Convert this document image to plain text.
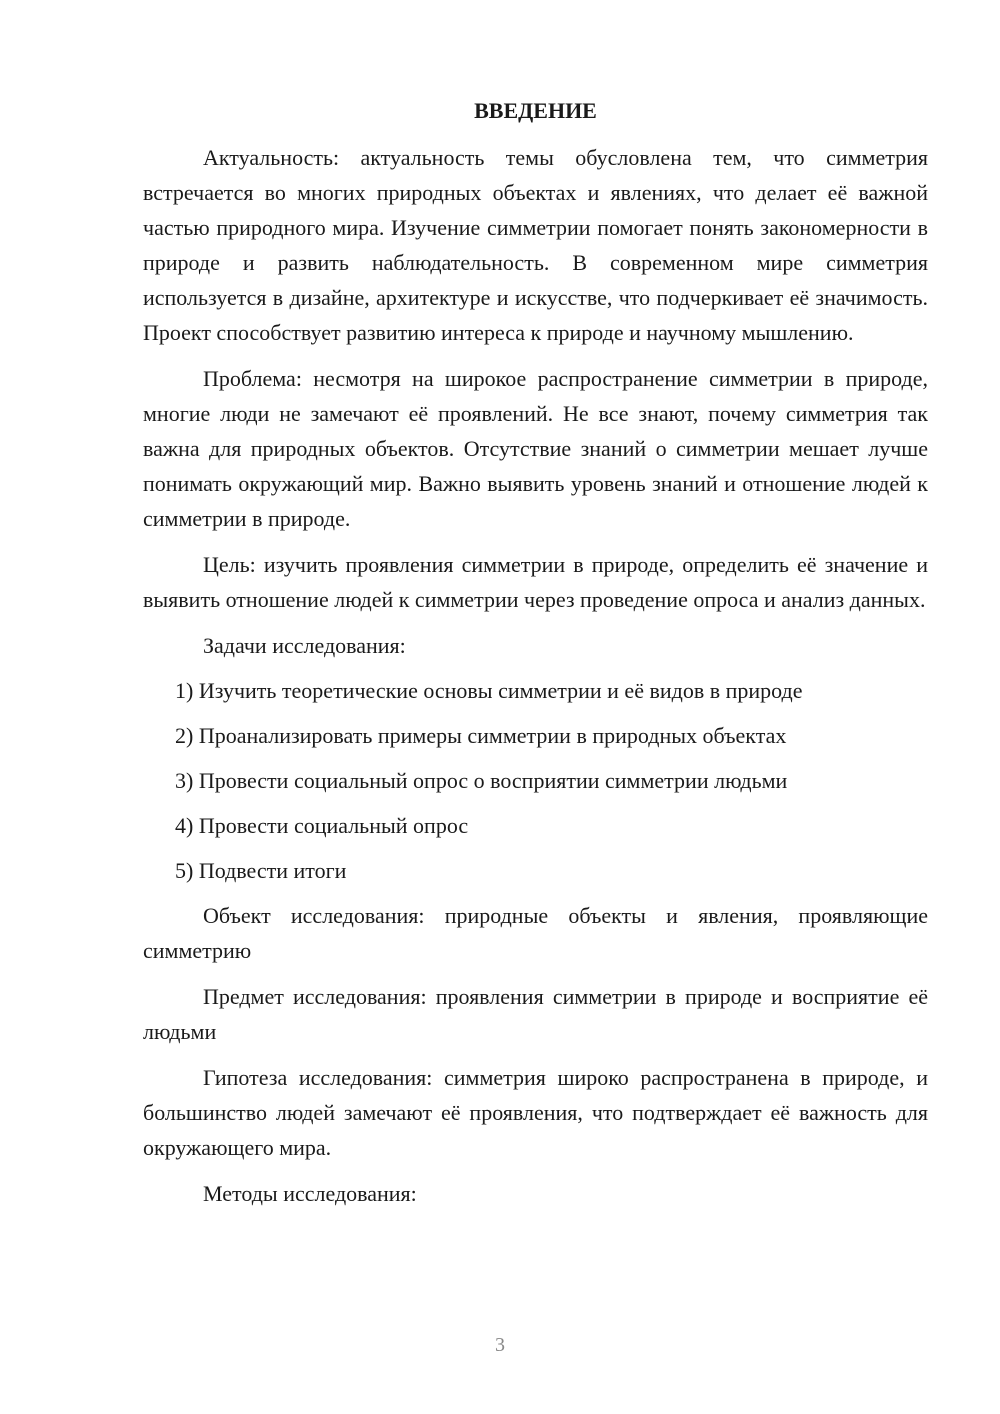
ВВЕДЕНИЕ

Актуальность: актуальность темы обусловлена тем, что симметрия встречается во многих природных объектах и явлениях, что делает её важной частью природного мира. Изучение симметрии помогает понять закономерности в природе и развить наблюдательность. В современном мире симметрия используется в дизайне, архитектуре и искусстве, что подчеркивает её значимость. Проект способствует развитию интереса к природе и научному мышлению.

Проблема: несмотря на широкое распространение симметрии в природе, многие люди не замечают её проявлений. Не все знают, почему симметрия так важна для природных объектов. Отсутствие знаний о симметрии мешает лучше понимать окружающий мир. Важно выявить уровень знаний и отношение людей к симметрии в природе.

Цель: изучить проявления симметрии в природе, определить её значение и выявить отношение людей к симметрии через проведение опроса и анализ данных.

Задачи исследования:

1) Изучить теоретические основы симметрии и её видов в природе
2) Проанализировать примеры симметрии в природных объектах
3) Провести социальный опрос о восприятии симметрии людьми
4) Провести социальный опрос
5) Подвести итоги

Объект исследования: природные объекты и явления, проявляющие симметрию

Предмет исследования: проявления симметрии в природе и восприятие её людьми

Гипотеза исследования: симметрия широко распространена в природе, и большинство людей замечают её проявления, что подтверждает её важность для окружающего мира.

Методы исследования:

3
